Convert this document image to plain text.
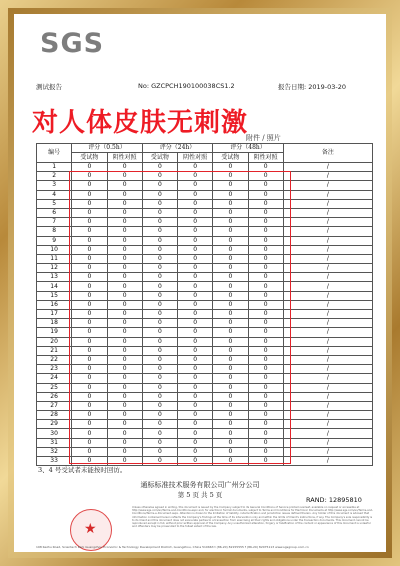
SGS
测试报告	No: GZCPCH190100038CS1.2	报告日期: 2019-03-20
附件 / 照片
编号	评分（0.5h）		评分（24h）		评分（48h）		备注
	受试物	阴性对照	受试物	阴性对照	受试物	阴性对照	
1	0	0	0	0	0	0	/
2	0	0	0	0	0	0	/
3	0	0	0	0	0	0	/
4	0	0	0	0	0	0	/
5	0	0	0	0	0	0	/
6	0	0	0	0	0	0	/
7	0	0	0	0	0	0	/
8	0	0	0	0	0	0	/
9	0	0	0	0	0	0	/
10	0	0	0	0	0	0	/
11	0	0	0	0	0	0	/
12	0	0	0	0	0	0	/
13	0	0	0	0	0	0	/
14	0	0	0	0	0	0	/
15	0	0	0	0	0	0	/
16	0	0	0	0	0	0	/
17	0	0	0	0	0	0	/
18	0	0	0	0	0	0	/
19	0	0	0	0	0	0	/
20	0	0	0	0	0	0	/
21	0	0	0	0	0	0	/
22	0	0	0	0	0	0	/
23	0	0	0	0	0	0	/
24	0	0	0	0	0	0	/
25	0	0	0	0	0	0	/
26	0	0	0	0	0	0	/
27	0	0	0	0	0	0	/
28	0	0	0	0	0	0	/
29	0	0	0	0	0	0	/
30	0	0	0	0	0	0	/
31	0	0	0	0	0	0	/
32	0	0	0	0	0	0	/
33	0	0	0	0	0	0	/
对人体皮肤无刺激
3、4 号受试者未能按时回访。
通标标准技术服务有限公司广州分公司
第 5 页 共 5 页
RAND: 12895810
★
Unless otherwise agreed in writing, this document is issued by the Company subject to its General Conditions of Service printed overleaf, available on request or accessible at http://www.sgs.com/en/Terms-and-Conditions.aspx and, for electronic format documents, subject to Terms and Conditions for Electronic Documents at http://www.sgs.com/en/Terms-and-Conditions/Terms-e-Document.aspx. Attention is drawn to the limitation of liability, indemnification and jurisdiction issues defined therein. Any holder of this document is advised that information contained hereon reflects the Company's findings at the time of its intervention only and within the limits of Client's instructions, if any. The Company's sole responsibility is to its Client and this document does not exonerate parties to a transaction from exercising all their rights and obligations under the transaction documents. This document cannot be reproduced except in full, without prior written approval of the Company. Any unauthorized alteration, forgery or falsification of the content or appearance of this document is unlawful and offenders may be prosecuted to the fullest extent of the law.
198 Kezhu Road, Scientech Park Guangzhou Economic & Technology Development District, Guangzhou, China 510663 t (86-20) 82155555 f (86-20) 82075113 www.sgsgroup.com.cn
